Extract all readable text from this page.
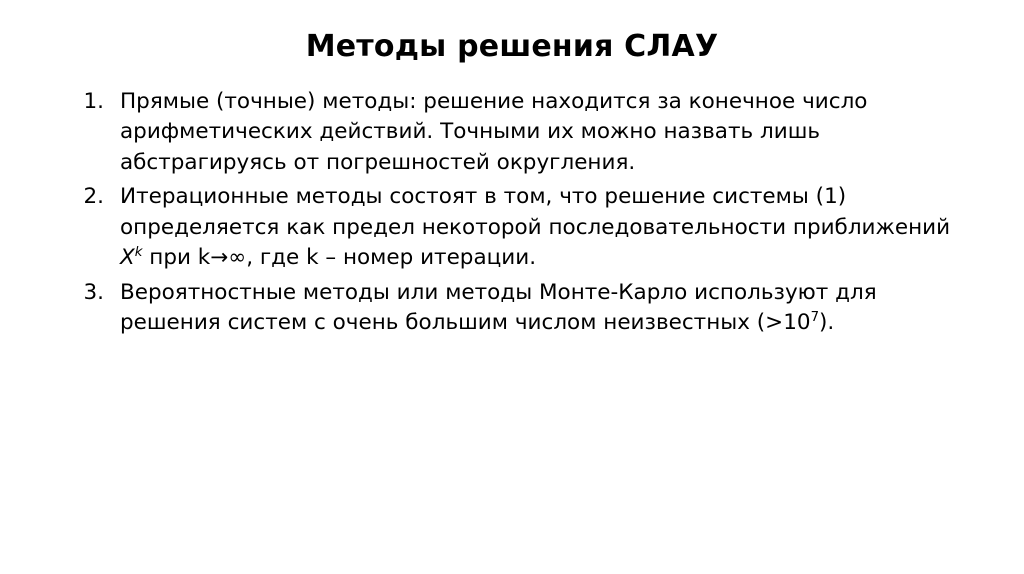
Методы решения СЛАУ
1. Прямые (точные) методы: решение находится за конечное число арифметических действий. Точными их можно назвать лишь абстрагируясь от погрешностей округления.
2. Итерационные методы состоят в том, что решение системы (1) определяется как предел некоторой последовательности приближений $X^k$ при k→∞, где k – номер итерации.
3. Вероятностные методы или методы Монте-Карло используют для решения систем с очень большим числом неизвестных $(>10^7)$.
